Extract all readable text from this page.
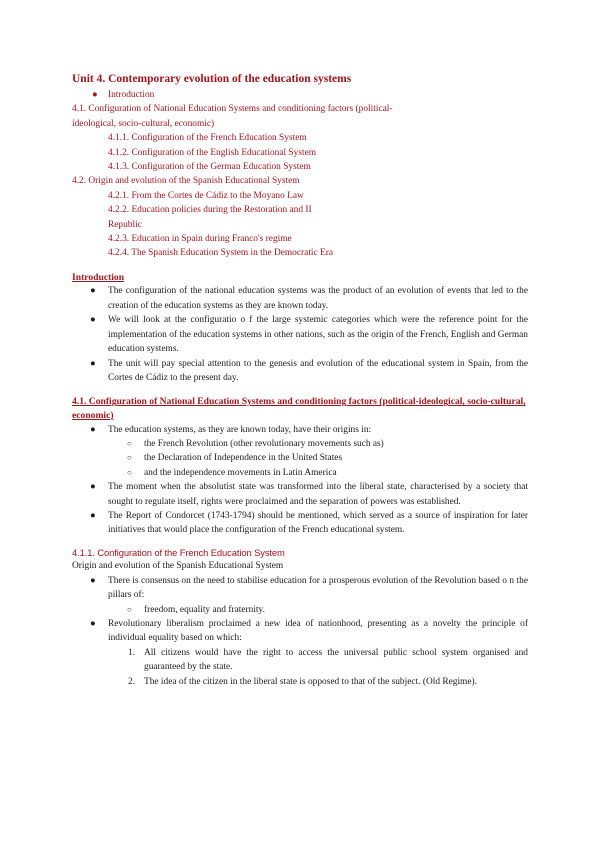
Unit 4. Contemporary evolution of the education systems
● Introduction
4.1. Configuration of National Education Systems and conditioning factors (political-
ideological, socio-cultural, economic)
4.1.1. Configuration of the French Education System
4.1.2. Configuration of the English Educational System
4.1.3. Configuration of the German Education System
4.2. Origin and evolution of the Spanish Educational System
4.2.1. From the Cortes de Cádiz to the Moyano Law
4.2.2. Education policies during the Restoration and II
Republic
4.2.3. Education in Spain during Franco's regime
4.2.4. The Spanish Education System in the Democratic Era
Introduction
● The configuration of the national education systems was the product of an evolution of events that led to the creation of the education systems as they are known today.
● We will look at the configuratio o f the large systemic categories which were the reference point for the implementation of the education systems in other nations, such as the origin of the French, English and German education systems.
● The unit will pay special attention to the genesis and evolution of the educational system in Spain, from the Cortes de Cádiz to the present day.
4.1. Configuration of National Education Systems and conditioning factors (political-ideological, socio-cultural,
economic)
● The education systems, as they are known today, have their origins in:
○ the French Revolution (other revolutionary movements such as)
○ the Declaration of Independence in the United States
○ and the independence movements in Latin America
● The moment when the absolutist state was transformed into the liberal state, characterised by a society that sought to regulate itself, rights were proclaimed and the separation of powers was established.
● The Report of Condorcet (1743-1794) should be mentioned, which served as a source of inspiration for later initiatives that would place the configuration of the French educational system.
4.1.1. Configuration of the French Education System
Origin and evolution of the Spanish Educational System
● There is consensus on the need to stabilise education for a prosperous evolution of the Revolution based o n the pillars of:
○ freedom, equality and fraternity.
● Revolutionary liberalism proclaimed a new idea of nationhood, presenting as a novelty the principle of individual equality based on which:
1. All citizens would have the right to access the universal public school system organised and guaranteed by the state.
2. The idea of the citizen in the liberal state is opposed to that of the subject. (Old Regime).
